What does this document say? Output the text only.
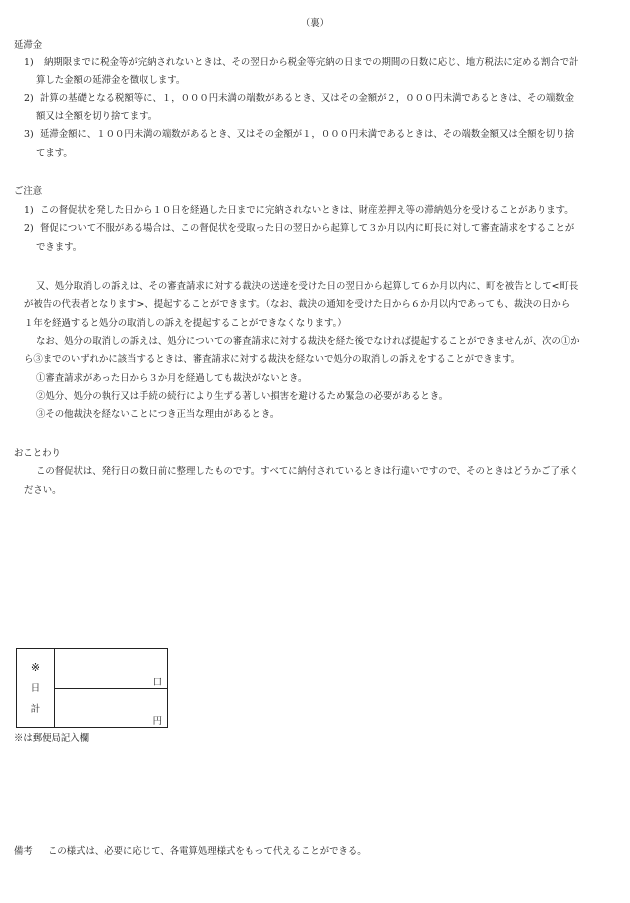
（裏）
延滞金
1) 納期限までに税金等が完納されないときは、その翌日から税金等完納の日までの期間の日数に応じ、地方税法に定める割合で計
算した金額の延滞金を徴収します。
2) 計算の基礎となる税額等に、１，０００円未満の端数があるとき、又はその金額が２，０００円未満であるときは、その端数金
額又は全額を切り捨てます。
3) 延滞金額に、１００円未満の端数があるとき、又はその金額が１，０００円未満であるときは、その端数金額又は全額を切り捨
てます。
ご注意
1) この督促状を発した日から１０日を経過した日までに完納されないときは、財産差押え等の滞納処分を受けることがあります。
2) 督促について不服がある場合は、この督促状を受取った日の翌日から起算して３か月以内に町長に対して審査請求をすることが
できます。
又、処分取消しの訴えは、その審査請求に対する裁決の送達を受けた日の翌日から起算して６か月以内に、町を被告として<町長
が被告の代表者となります>、提起することができます。（なお、裁決の通知を受けた日から６か月以内であっても、裁決の日から
１年を経過すると処分の取消しの訴えを提起することができなくなります。）
なお、処分の取消しの訴えは、処分についての審査請求に対する裁決を経た後でなければ提起することができませんが、次の①か
ら③までのいずれかに該当するときは、審査請求に対する裁決を経ないで処分の取消しの訴えをすることができます。
①審査請求があった日から３か月を経過しても裁決がないとき。
②処分、処分の執行又は手続の続行により生ずる著しい損害を避けるため緊急の必要があるとき。
③その他裁決を経ないことにつき正当な理由があるとき。
おことわり
この督促状は、発行日の数日前に整理したものです。すべてに納付されているときは行違いですので、そのときはどうかご了承く
ださい。
※
日
計
口
円
※は郵便局記入欄
備考 この様式は、必要に応じて、各電算処理様式をもって代えることができる。
